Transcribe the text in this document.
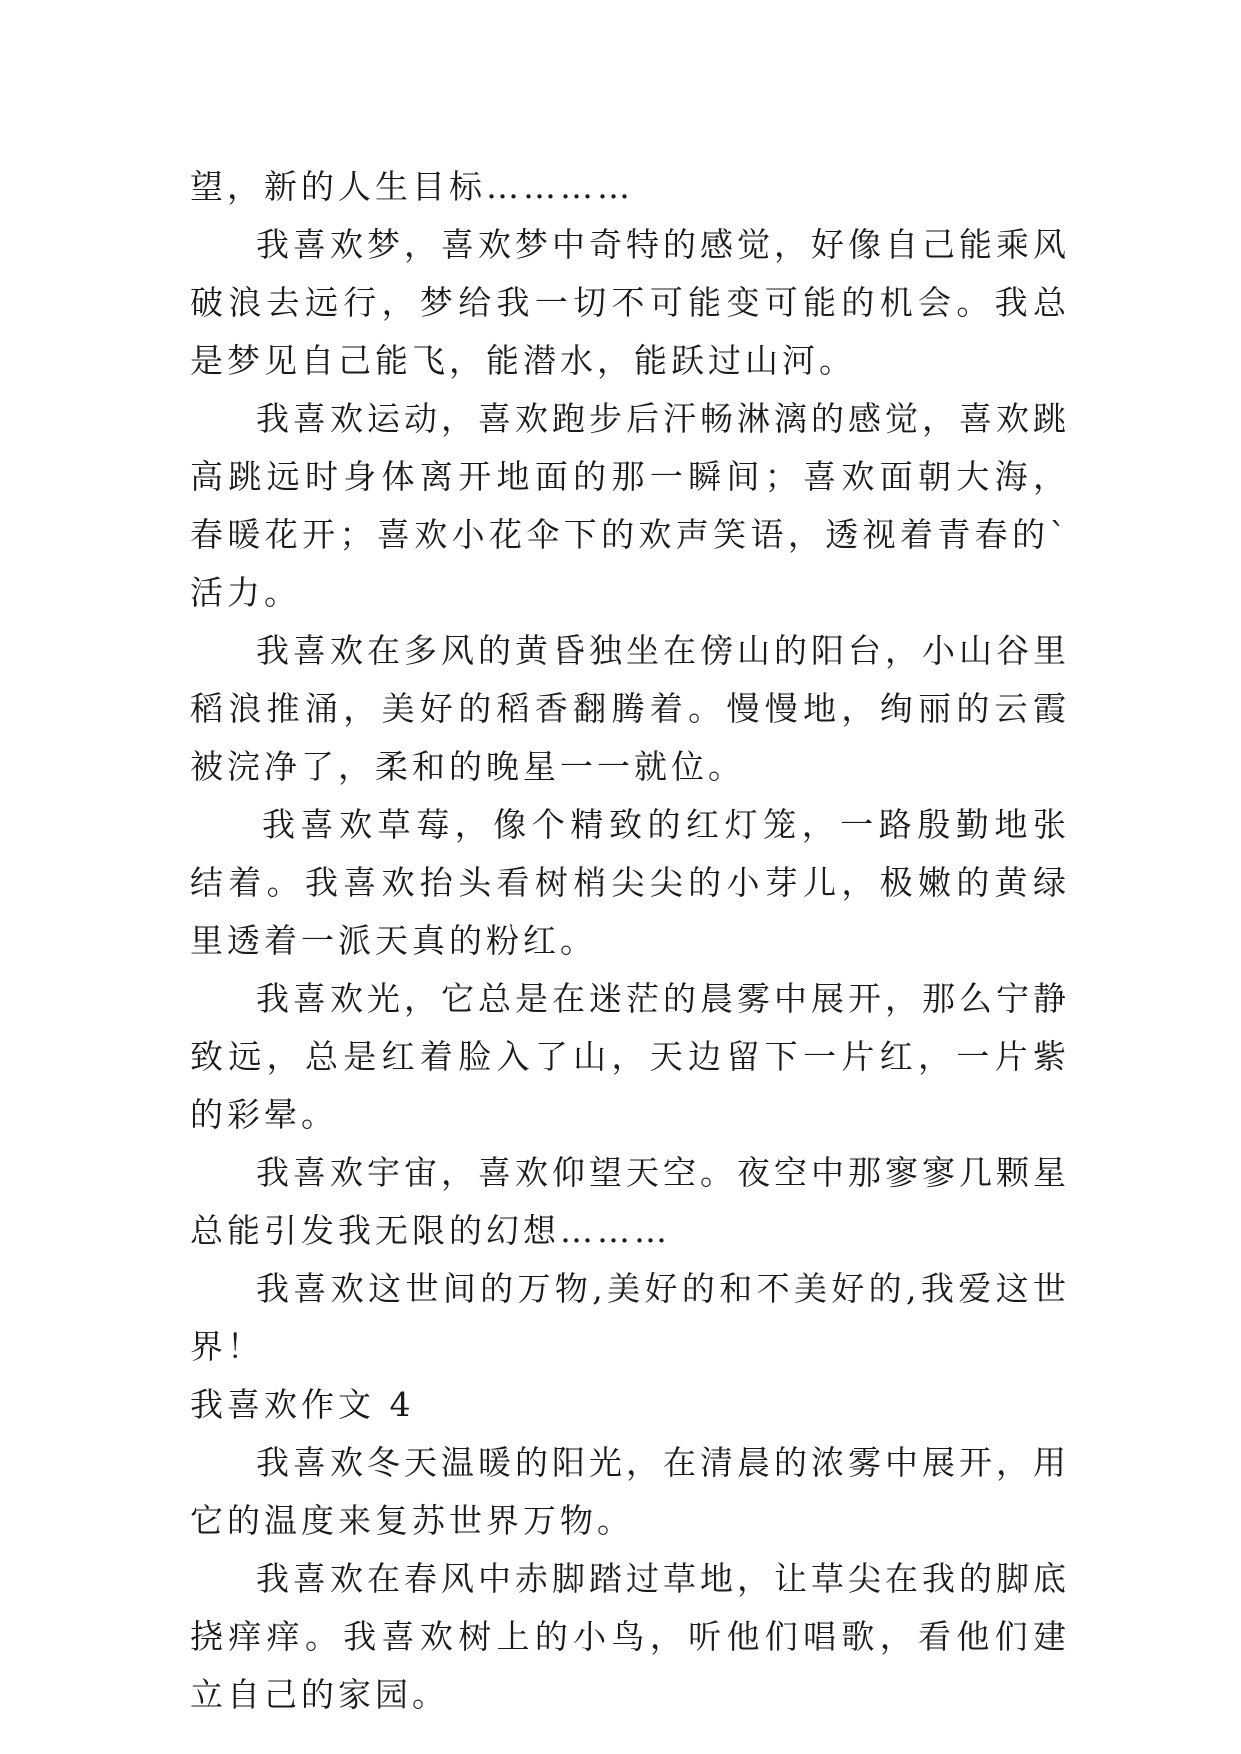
望，新的人生目标…………

我喜欢梦，喜欢梦中奇特的感觉，好像自己能乘风破浪去远行，梦给我一切不可能变可能的机会。我总是梦见自己能飞，能潜水，能跃过山河。

我喜欢运动，喜欢跑步后汗畅淋漓的感觉，喜欢跳高跳远时身体离开地面的那一瞬间；喜欢面朝大海，春暖花开；喜欢小花伞下的欢声笑语，透视着青春的`活力。

我喜欢在多风的黄昏独坐在傍山的阳台，小山谷里稻浪推涌，美好的稻香翻腾着。慢慢地，绚丽的云霞被浣净了，柔和的晚星一一就位。

我喜欢草莓，像个精致的红灯笼，一路殷勤地张结着。我喜欢抬头看树梢尖尖的小芽儿，极嫩的黄绿里透着一派天真的粉红。

我喜欢光，它总是在迷茫的晨雾中展开，那么宁静致远，总是红着脸入了山，天边留下一片红，一片紫的彩晕。

我喜欢宇宙，喜欢仰望天空。夜空中那寥寥几颗星总能引发我无限的幻想………

我喜欢这世间的万物,美好的和不美好的,我爱这世界！

我喜欢作文 4

我喜欢冬天温暖的阳光，在清晨的浓雾中展开，用它的温度来复苏世界万物。

我喜欢在春风中赤脚踏过草地，让草尖在我的脚底挠痒痒。我喜欢树上的小鸟，听他们唱歌，看他们建立自己的家园。
